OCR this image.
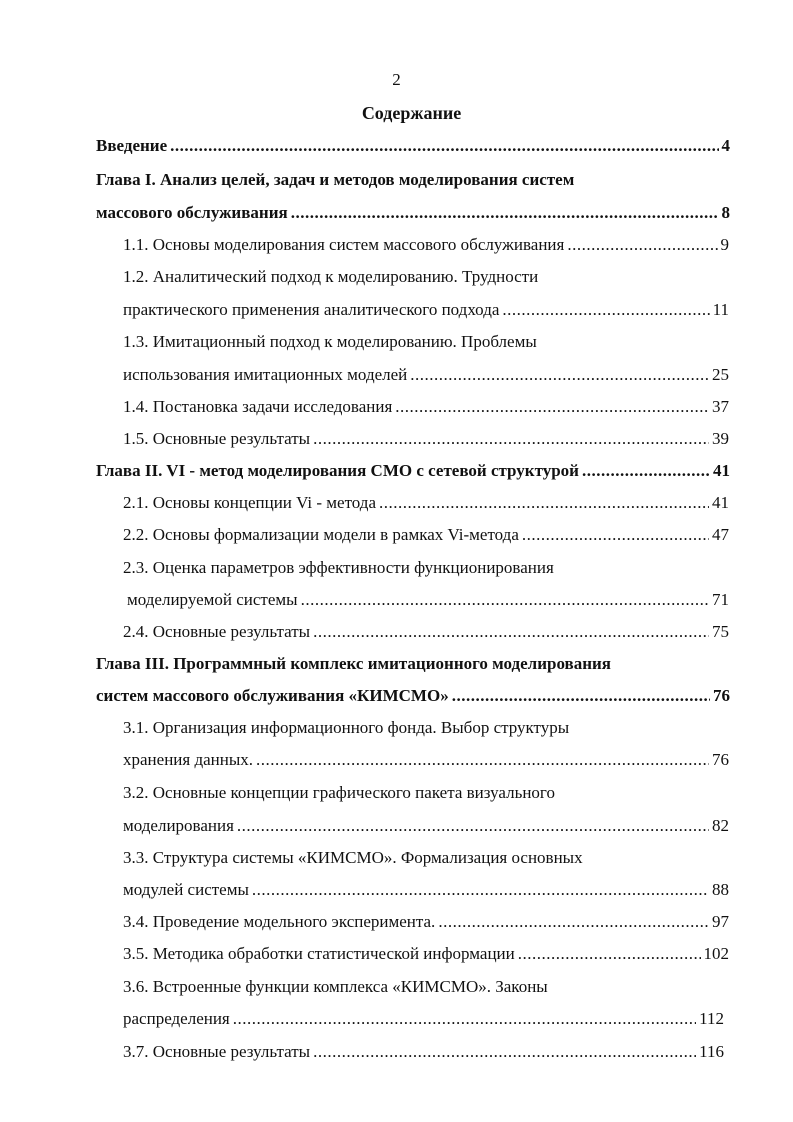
2
Содержание
Введение .....	4
Глава I. Анализ целей, задач и методов моделирования систем
массового обслуживания .....	8
1.1. Основы моделирования систем массового обслуживания .....	9
1.2. Аналитический подход к моделированию. Трудности
практического применения аналитического подхода .....	11
1.3. Имитационный подход к моделированию. Проблемы
использования имитационных моделей .....	25
1.4. Постановка задачи исследования .....	37
1.5. Основные результаты .....	39
Глава II. VI - метод моделирования СМО с сетевой структурой .....	41
2.1. Основы концепции Vi - метода .....	41
2.2. Основы формализации модели в рамках Vi-метода .....	47
2.3. Оценка параметров эффективности функционирования
моделируемой системы .....	71
2.4. Основные результаты .....	75
Глава III. Программный комплекс имитационного моделирования
систем массового обслуживания «КИМСМО» .....	76
3.1. Организация информационного фонда. Выбор структуры
хранения данных. .....	76
3.2. Основные концепции графического пакета визуального
моделирования .....	82
3.3. Структура системы «КИМСМО». Формализация основных
модулей системы .....	88
3.4. Проведение модельного эксперимента. .....	97
3.5. Методика обработки статистической информации .....	102
3.6. Встроенные функции комплекса «КИМСМО». Законы
распределения .....	112
3.7. Основные результаты .....	116
